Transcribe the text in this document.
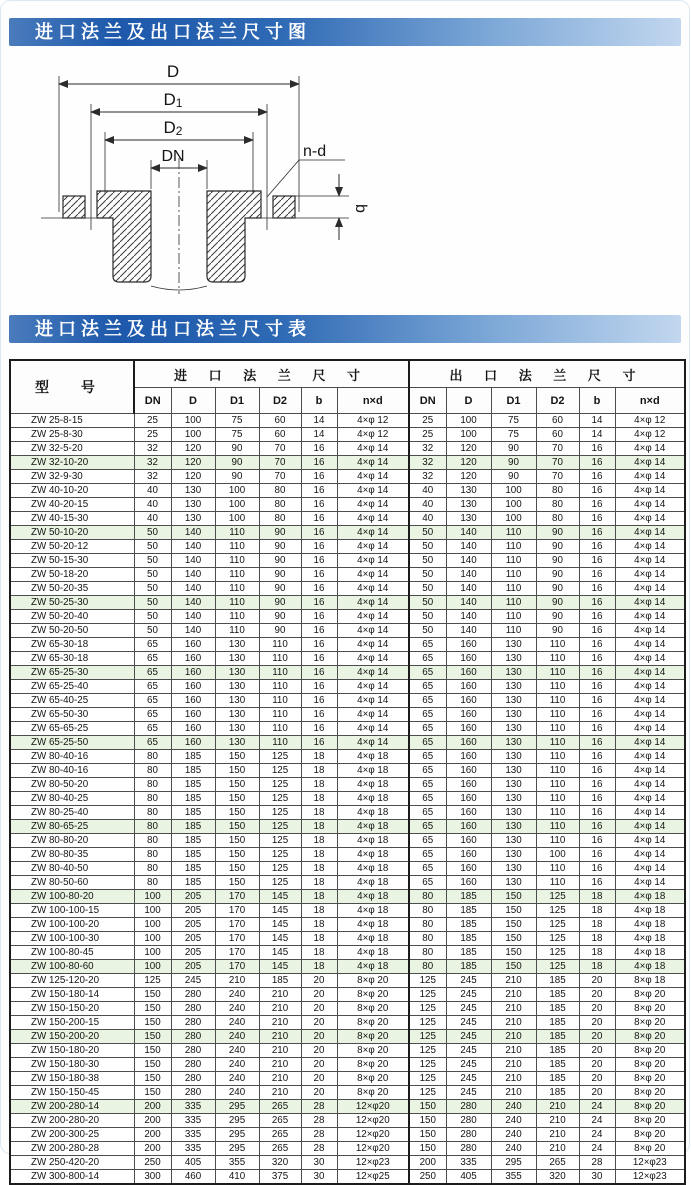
进口法兰及出口法兰尺寸图
D
D1
D2
DN	n-d
b
进口法兰及出口法兰尺寸表
型 号	进 口 法 兰 尺 寸						出 口 法 兰 尺 寸					
	DN	D	D1	D2	b	n×d	DN	D	D1	D2	b	n×d
ZW 25-8-15	25	100	75	60	14	4×φ 12	25	100	75	60	14	4×φ 12
ZW 25-8-30	25	100	75	60	14	4×φ 12	25	100	75	60	14	4×φ 12
ZW 32-5-20	32	120	90	70	16	4×φ 14	32	120	90	70	16	4×φ 14
ZW 32-10-20	32	120	90	70	16	4×φ 14	32	120	90	70	16	4×φ 14
ZW 32-9-30	32	120	90	70	16	4×φ 14	32	120	90	70	16	4×φ 14
ZW 40-10-20	40	130	100	80	16	4×φ 14	40	130	100	80	16	4×φ 14
ZW 40-20-15	40	130	100	80	16	4×φ 14	40	130	100	80	16	4×φ 14
ZW 40-15-30	40	130	100	80	16	4×φ 14	40	130	100	80	16	4×φ 14
ZW 50-10-20	50	140	110	90	16	4×φ 14	50	140	110	90	16	4×φ 14
ZW 50-20-12	50	140	110	90	16	4×φ 14	50	140	110	90	16	4×φ 14
ZW 50-15-30	50	140	110	90	16	4×φ 14	50	140	110	90	16	4×φ 14
ZW 50-18-20	50	140	110	90	16	4×φ 14	50	140	110	90	16	4×φ 14
ZW 50-20-35	50	140	110	90	16	4×φ 14	50	140	110	90	16	4×φ 14
ZW 50-25-30	50	140	110	90	16	4×φ 14	50	140	110	90	16	4×φ 14
ZW 50-20-40	50	140	110	90	16	4×φ 14	50	140	110	90	16	4×φ 14
ZW 50-20-50	50	140	110	90	16	4×φ 14	50	140	110	90	16	4×φ 14
ZW 65-30-18	65	160	130	110	16	4×φ 14	65	160	130	110	16	4×φ 14
ZW 65-30-18	65	160	130	110	16	4×φ 14	65	160	130	110	16	4×φ 14
ZW 65-25-30	65	160	130	110	16	4×φ 14	65	160	130	110	16	4×φ 14
ZW 65-25-40	65	160	130	110	16	4×φ 14	65	160	130	110	16	4×φ 14
ZW 65-40-25	65	160	130	110	16	4×φ 14	65	160	130	110	16	4×φ 14
ZW 65-50-30	65	160	130	110	16	4×φ 14	65	160	130	110	16	4×φ 14
ZW 65-65-25	65	160	130	110	16	4×φ 14	65	160	130	110	16	4×φ 14
ZW 65-25-50	65	160	130	110	16	4×φ 14	65	160	130	110	16	4×φ 14
ZW 80-40-16	80	185	150	125	18	4×φ 18	65	160	130	110	16	4×φ 14
ZW 80-40-16	80	185	150	125	18	4×φ 18	65	160	130	110	16	4×φ 14
ZW 80-50-20	80	185	150	125	18	4×φ 18	65	160	130	110	16	4×φ 14
ZW 80-40-25	80	185	150	125	18	4×φ 18	65	160	130	110	16	4×φ 14
ZW 80-25-40	80	185	150	125	18	4×φ 18	65	160	130	110	16	4×φ 14
ZW 80-65-25	80	185	150	125	18	4×φ 18	65	160	130	110	16	4×φ 14
ZW 80-80-20	80	185	150	125	18	4×φ 18	65	160	130	110	16	4×φ 14
ZW 80-80-35	80	185	150	125	18	4×φ 18	65	160	130	100	16	4×φ 14
ZW 80-40-50	80	185	150	125	18	4×φ 18	65	160	130	110	16	4×φ 14
ZW 80-50-60	80	185	150	125	18	4×φ 18	65	160	130	110	16	4×φ 14
ZW 100-80-20	100	205	170	145	18	4×φ 18	80	185	150	125	18	4×φ 18
ZW 100-100-15	100	205	170	145	18	4×φ 18	80	185	150	125	18	4×φ 18
ZW 100-100-20	100	205	170	145	18	4×φ 18	80	185	150	125	18	4×φ 18
ZW 100-100-30	100	205	170	145	18	4×φ 18	80	185	150	125	18	4×φ 18
ZW 100-80-45	100	205	170	145	18	4×φ 18	80	185	150	125	18	4×φ 18
ZW 100-80-60	100	205	170	145	18	4×φ 18	80	185	150	125	18	4×φ 18
ZW 125-120-20	125	245	210	185	20	8×φ 20	125	245	210	185	20	8×φ 18
ZW 150-180-14	150	280	240	210	20	8×φ 20	125	245	210	185	20	8×φ 20
ZW 150-150-20	150	280	240	210	20	8×φ 20	125	245	210	185	20	8×φ 20
ZW 150-200-15	150	280	240	210	20	8×φ 20	125	245	210	185	20	8×φ 20
ZW 150-200-20	150	280	240	210	20	8×φ 20	125	245	210	185	20	8×φ 20
ZW 150-180-20	150	280	240	210	20	8×φ 20	125	245	210	185	20	8×φ 20
ZW 150-180-30	150	280	240	210	20	8×φ 20	125	245	210	185	20	8×φ 20
ZW 150-180-38	150	280	240	210	20	8×φ 20	125	245	210	185	20	8×φ 20
ZW 150-150-45	150	280	240	210	20	8×φ 20	125	245	210	185	20	8×φ 20
ZW 200-280-14	200	335	295	265	28	12×φ20	150	280	240	210	24	8×φ 20
ZW 200-280-20	200	335	295	265	28	12×φ20	150	280	240	210	24	8×φ 20
ZW 200-300-25	200	335	295	265	28	12×φ20	150	280	240	210	24	8×φ 20
ZW 200-280-28	200	335	295	265	28	12×φ20	150	280	240	210	24	8×φ 20
ZW 250-420-20	250	405	355	320	30	12×φ23	200	335	295	265	28	12×φ23
ZW 300-800-14	300	460	410	375	30	12×φ25	250	405	355	320	30	12×φ23
